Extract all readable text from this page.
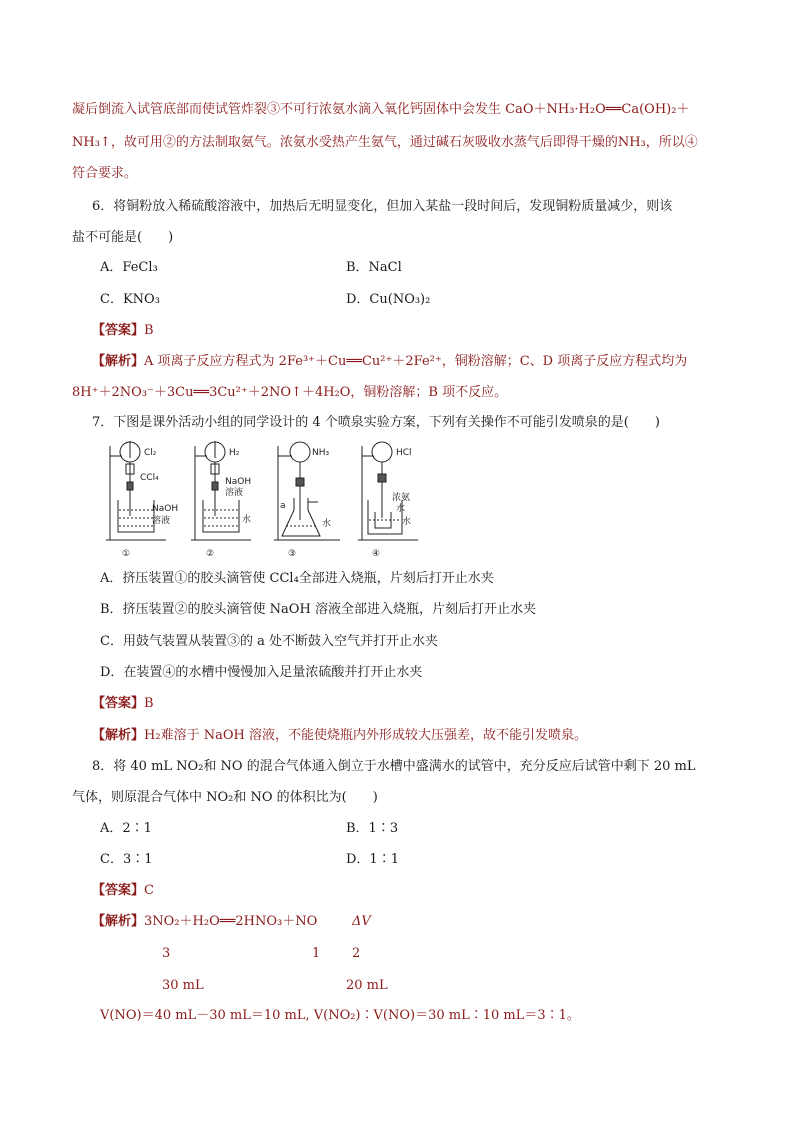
凝后倒流入试管底部而使试管炸裂③不可行浓氨水滴入氧化钙固体中会发生 CaO＋NH₃·H₂O══Ca(OH)₂＋
NH₃↑，故可用②的方法制取氨气。浓氨水受热产生氨气，通过碱石灰吸收水蒸气后即得干燥的NH₃，所以④
符合要求。
6．将铜粉放入稀硫酸溶液中，加热后无明显变化，但加入某盐一段时间后，发现铜粉质量减少，则该
盐不可能是(　　)
A．FeCl₃	B．NaCl
C．KNO₃	D．Cu(NO₃)₂
【答案】B
【解析】A 项离子反应方程式为 2Fe³⁺＋Cu══Cu²⁺＋2Fe²⁺，铜粉溶解；C、D 项离子反应方程式均为
8H⁺＋2NO₃⁻＋3Cu══3Cu²⁺＋2NO↑＋4H₂O，铜粉溶解；B 项不反应。
7．下图是课外活动小组的同学设计的 4 个喷泉实验方案，下列有关操作不可能引发喷泉的是(　　)
Cl₂
CCl₄
NaOH
溶液
H₂
NaOH
溶液
水
NH₃
a
水
HCl
浓氨
水
水
①	②	③	④
A．挤压装置①的胶头滴管使 CCl₄全部进入烧瓶，片刻后打开止水夹
B．挤压装置②的胶头滴管使 NaOH 溶液全部进入烧瓶，片刻后打开止水夹
C．用鼓气装置从装置③的 a 处不断鼓入空气并打开止水夹
D．在装置④的水槽中慢慢加入足量浓硫酸并打开止水夹
【答案】B
【解析】H₂难溶于 NaOH 溶液，不能使烧瓶内外形成较大压强差，故不能引发喷泉。
8．将 40 mL NO₂和 NO 的混合气体通入倒立于水槽中盛满水的试管中，充分反应后试管中剩下 20 mL
气体，则原混合气体中 NO₂和 NO 的体积比为(　　)
A．2∶1	B．1∶3
C．3∶1	D．1∶1
【答案】C
【解析】3NO₂＋H₂O══2HNO₃＋NO	ΔV
3	1 2
30 mL	20 mL
V(NO)＝40 mL－30 mL＝10 mL, V(NO₂)∶V(NO)＝30 mL∶10 mL＝3∶1。
